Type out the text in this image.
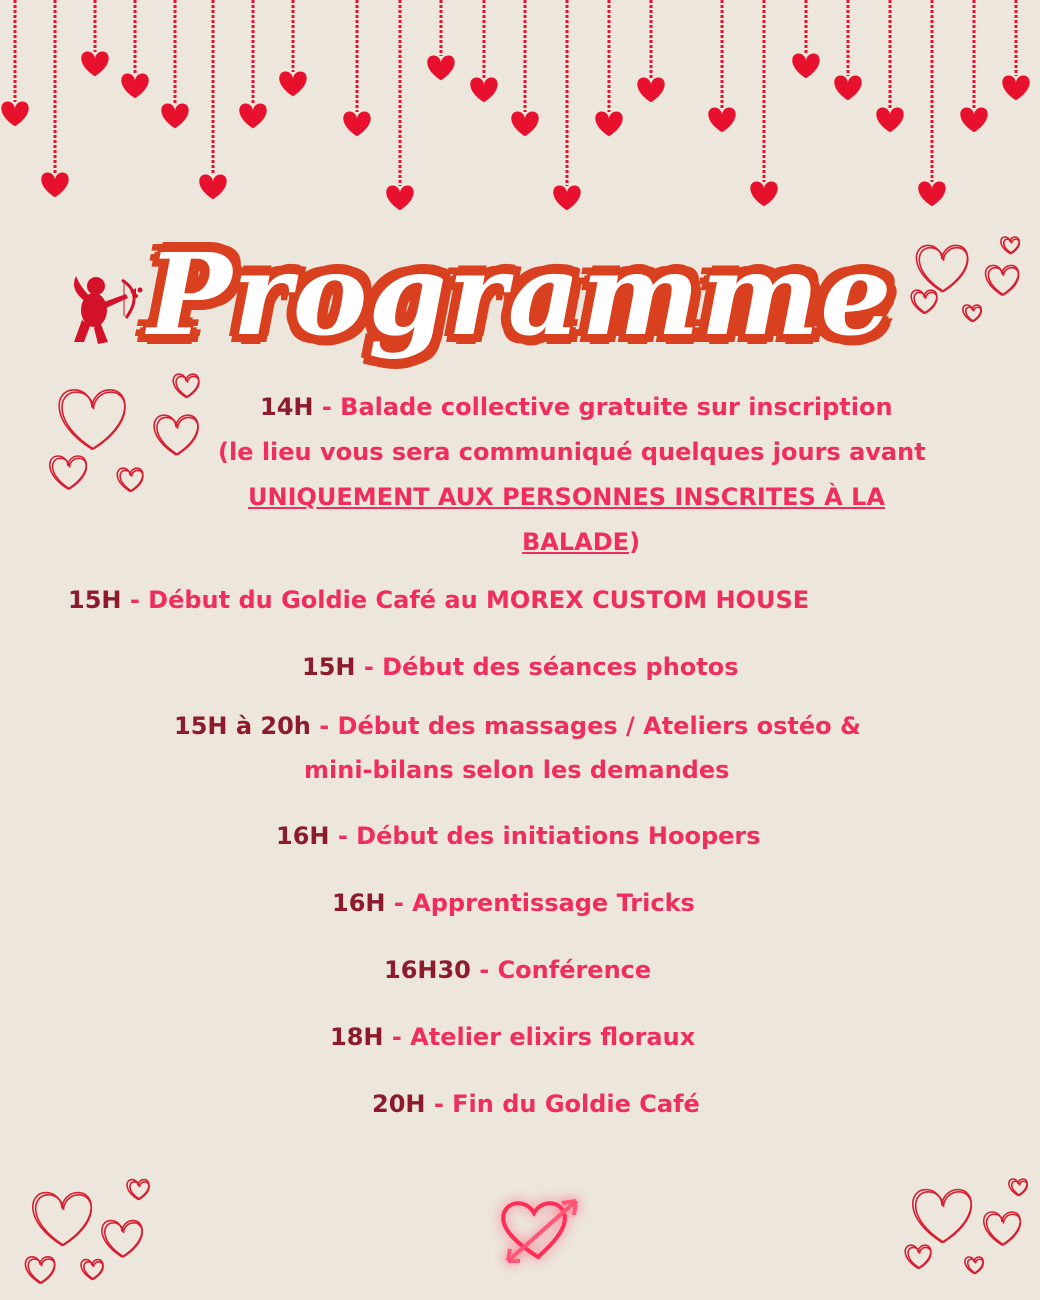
Programme
14H - Balade collective gratuite sur inscription
(le lieu vous sera communiqué quelques jours avant
UNIQUEMENT AUX PERSONNES INSCRITES À LA
BALADE)
15H - Début du Goldie Café au MOREX CUSTOM HOUSE
15H - Début des séances photos
15H à 20h - Début des massages / Ateliers ostéo &
mini-bilans selon les demandes
16H - Début des initiations Hoopers
16H - Apprentissage Tricks
16H30 - Conférence
18H - Atelier elixirs floraux
20H - Fin du Goldie Café
